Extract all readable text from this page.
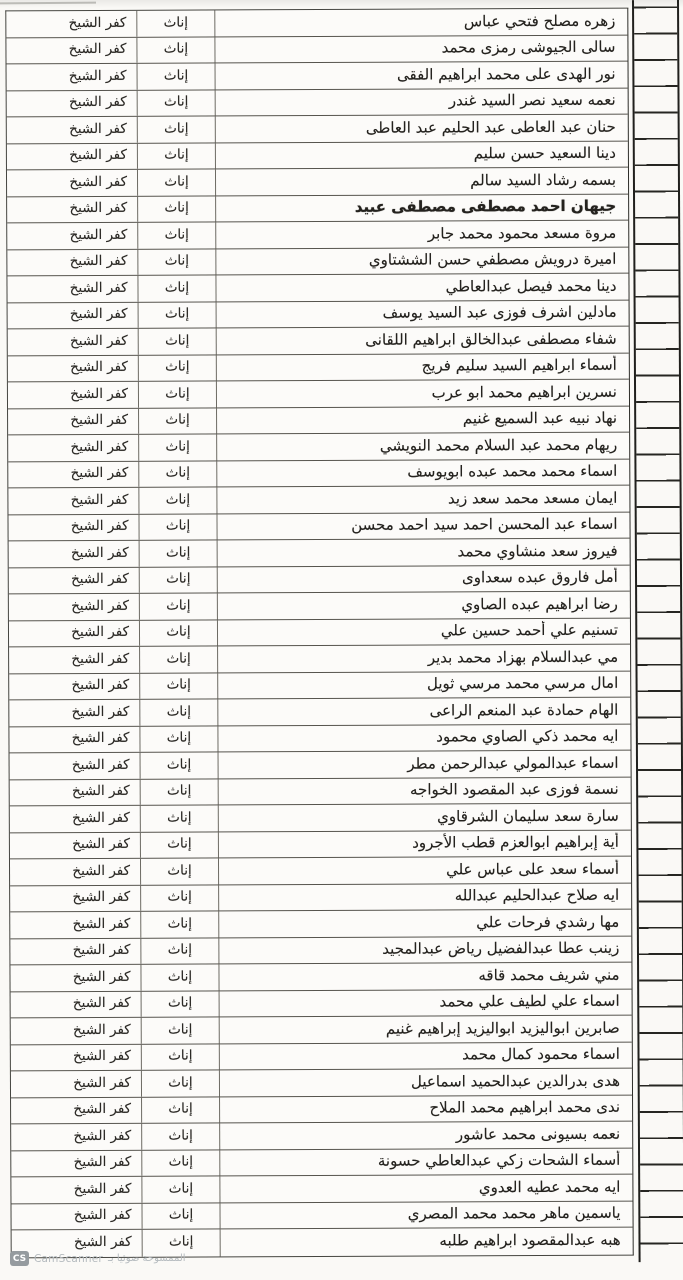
زهره مصلح فتحي عباس
إناث
كفر الشيخ
سالى الجيوشى رمزى محمد
إناث
كفر الشيخ
نور الهدى على محمد ابراهيم الفقى
إناث
كفر الشيخ
نعمه سعيد نصر السيد غندر
إناث
كفر الشيخ
حنان عبد العاطى عبد الحليم عبد العاطى
إناث
كفر الشيخ
دينا السعيد حسن سليم
إناث
كفر الشيخ
بسمه رشاد السيد سالم
إناث
كفر الشيخ
جيهان احمد مصطفى مصطفى عبيد
إناث
كفر الشيخ
مروة مسعد محمود محمد جابر
إناث
كفر الشيخ
اميرة درويش مصطفي حسن الششتاوي
إناث
كفر الشيخ
دينا محمد فيصل عبدالعاطي
إناث
كفر الشيخ
مادلين اشرف فوزى عبد السيد يوسف
إناث
كفر الشيخ
شفاء مصطفى عبدالخالق ابراهيم اللقانى
إناث
كفر الشيخ
أسماء ابراهيم السيد سليم فريج
إناث
كفر الشيخ
نسرين ابراهيم محمد ابو عرب
إناث
كفر الشيخ
نهاد نبيه عبد السميع غنيم
إناث
كفر الشيخ
ريهام محمد عبد السلام محمد النويشي
إناث
كفر الشيخ
اسماء محمد محمد عبده ابويوسف
إناث
كفر الشيخ
ايمان مسعد محمد سعد زيد
إناث
كفر الشيخ
اسماء عبد المحسن احمد سيد احمد محسن
إناث
كفر الشيخ
فيروز سعد منشاوي محمد
إناث
كفر الشيخ
أمل فاروق عبده سعداوى
إناث
كفر الشيخ
رضا ابراهيم عبده الصاوي
إناث
كفر الشيخ
تسنيم علي أحمد حسين علي
إناث
كفر الشيخ
مي عبدالسلام بهزاد محمد بدير
إناث
كفر الشيخ
امال مرسي محمد مرسي ثويل
إناث
كفر الشيخ
الهام حمادة عبد المنعم الراعى
إناث
كفر الشيخ
ايه محمد ذكي الصاوي محمود
إناث
كفر الشيخ
اسماء عبدالمولي عبدالرحمن مطر
إناث
كفر الشيخ
نسمة فوزى عبد المقصود الخواجه
إناث
كفر الشيخ
سارة سعد سليمان الشرقاوي
إناث
كفر الشيخ
أية إبراهيم ابوالعزم قطب الأجرود
إناث
كفر الشيخ
أسماء سعد على عباس علي
إناث
كفر الشيخ
ايه صلاح عبدالحليم عبدالله
إناث
كفر الشيخ
مها رشدي فرحات علي
إناث
كفر الشيخ
زينب عطا عبدالفضيل رياض عبدالمجيد
إناث
كفر الشيخ
مني شريف محمد قاقه
إناث
كفر الشيخ
اسماء علي لطيف علي محمد
إناث
كفر الشيخ
صابرين ابواليزيد ابواليزيد إبراهيم غنيم
إناث
كفر الشيخ
اسماء محمود كمال محمد
إناث
كفر الشيخ
هدى بدرالدين عبدالحميد اسماعيل
إناث
كفر الشيخ
ندى محمد ابراهيم محمد الملاح
إناث
كفر الشيخ
نعمه بسيونى محمد عاشور
إناث
كفر الشيخ
أسماء الشحات زكي عبدالعاطي حسونة
إناث
كفر الشيخ
ايه محمد عطيه العدوي
إناث
كفر الشيخ
ياسمين ماهر محمد محمد المصري
إناث
كفر الشيخ
هبه عبدالمقصود ابراهيم طلبه
إناث
كفر الشيخ
CS CamScanner الممسوحة ضوئيا بـ
